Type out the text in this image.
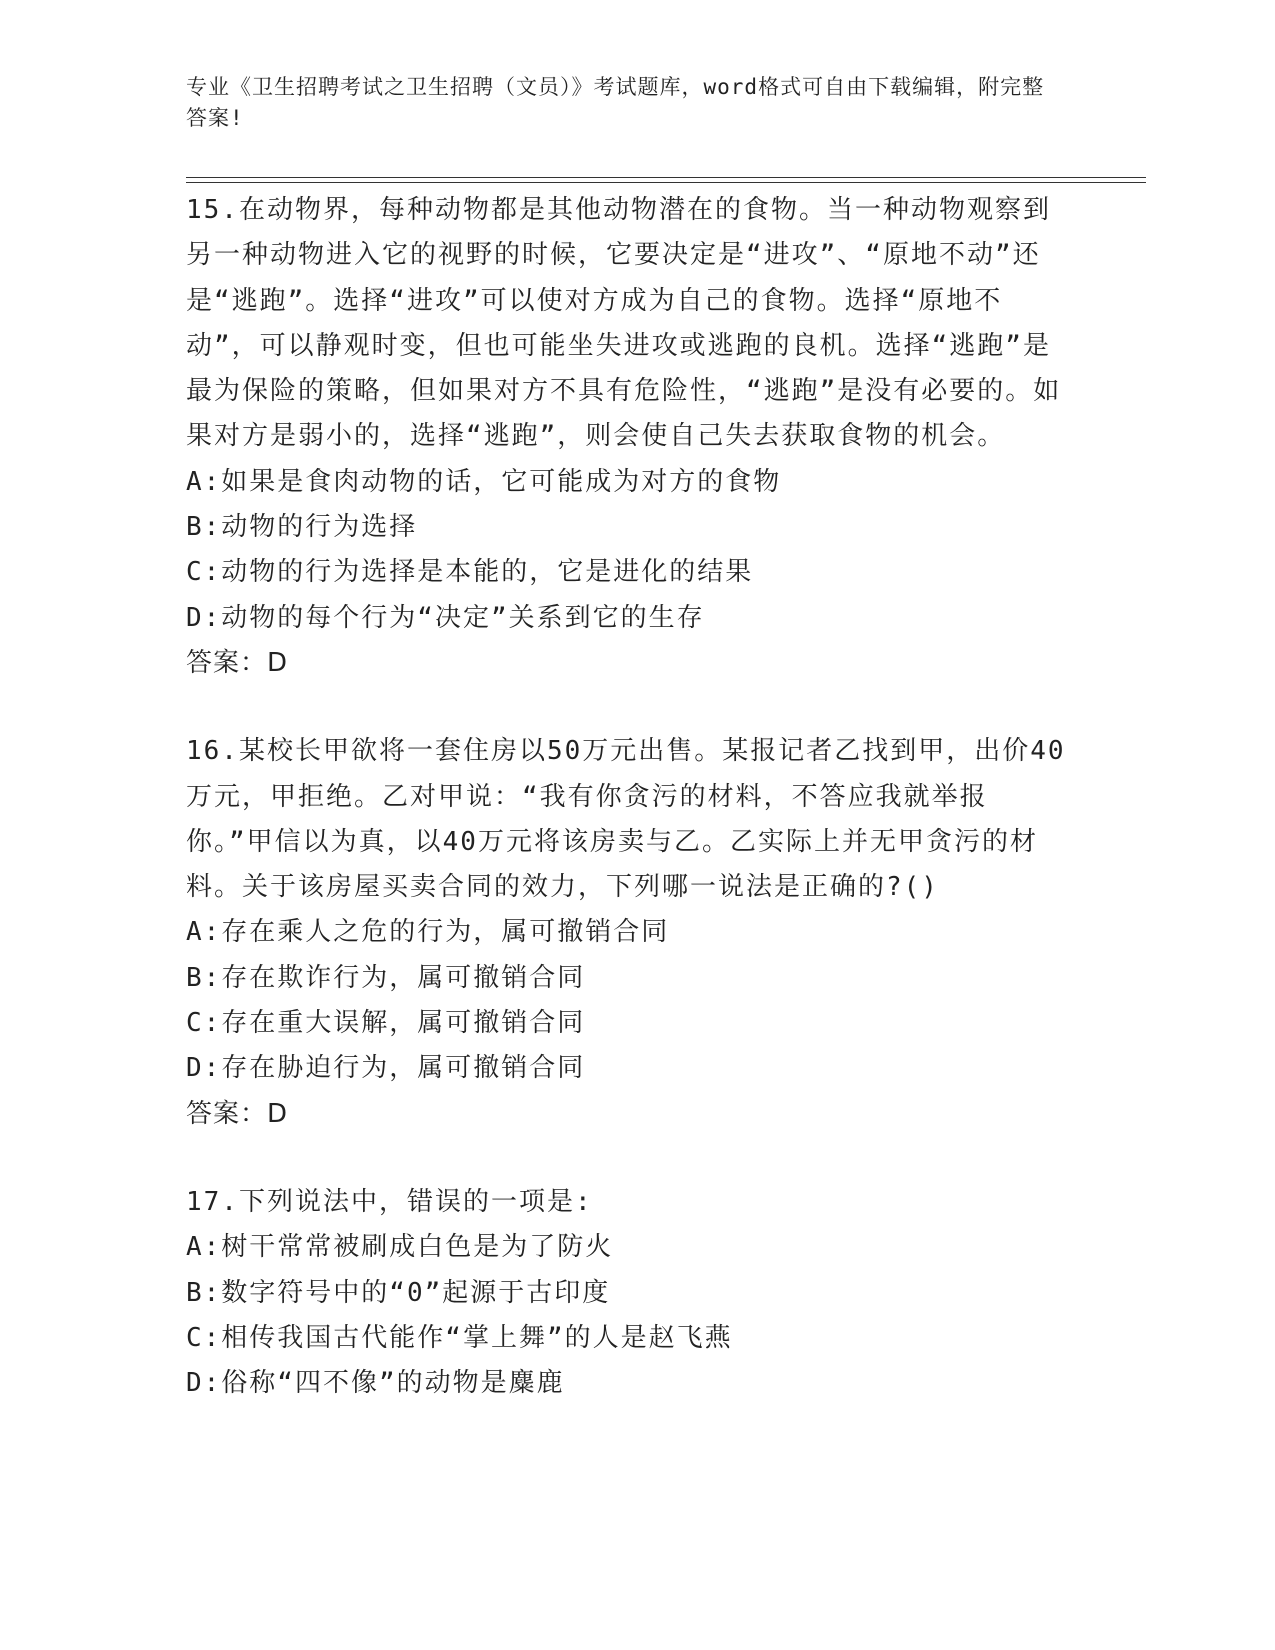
专业《卫生招聘考试之卫生招聘（文员）》考试题库，word格式可自由下载编辑，附完整答案!

15.在动物界，每种动物都是其他动物潜在的食物。当一种动物观察到另一种动物进入它的视野的时候，它要决定是“进攻”、“原地不动”还是“逃跑”。选择“进攻”可以使对方成为自己的食物。选择“原地不动”，可以静观时变，但也可能坐失进攻或逃跑的良机。选择“逃跑”是最为保险的策略，但如果对方不具有危险性，“逃跑”是没有必要的。如果对方是弱小的，选择“逃跑”，则会使自己失去获取食物的机会。

A:如果是食肉动物的话，它可能成为对方的食物

B:动物的行为选择

C:动物的行为选择是本能的，它是进化的结果

D:动物的每个行为“决定”关系到它的生存

答案：D

16.某校长甲欲将一套住房以50万元出售。某报记者乙找到甲，出价40万元，甲拒绝。乙对甲说：“我有你贪污的材料，不答应我就举报你。”甲信以为真，以40万元将该房卖与乙。乙实际上并无甲贪污的材料。关于该房屋买卖合同的效力，下列哪一说法是正确的?()

A:存在乘人之危的行为，属可撤销合同

B:存在欺诈行为，属可撤销合同

C:存在重大误解，属可撤销合同

D:存在胁迫行为，属可撤销合同

答案：D

17.下列说法中，错误的一项是:

A:树干常常被刷成白色是为了防火

B:数字符号中的“0”起源于古印度

C:相传我国古代能作“掌上舞”的人是赵飞燕

D:俗称“四不像”的动物是麋鹿
